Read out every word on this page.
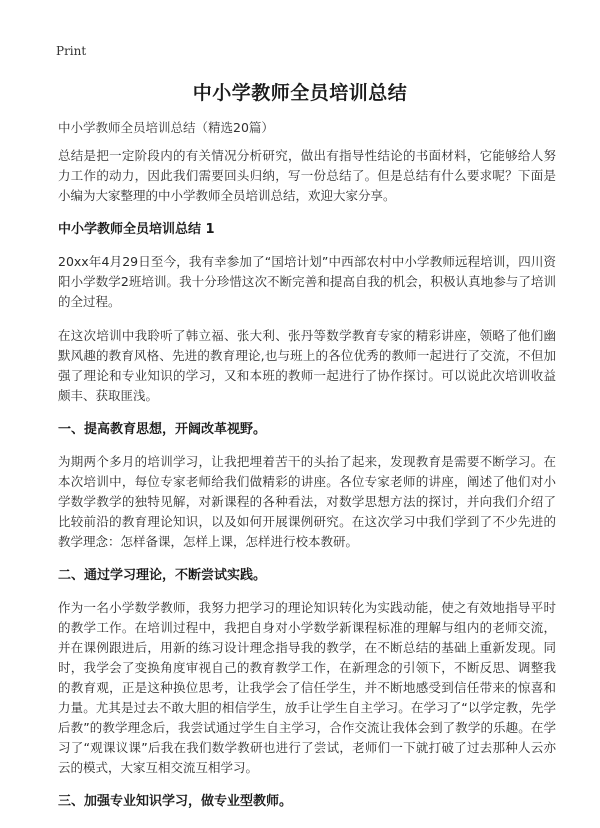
Print
中小学教师全员培训总结
中小学教师全员培训总结（精选20篇）

总结是把一定阶段内的有关情况分析研究，做出有指导性结论的书面材料，它能够给人努力工作的动力，因此我们需要回头归纳，写一份总结了。但是总结有什么要求呢？下面是小编为大家整理的中小学教师全员培训总结，欢迎大家分享。

中小学教师全员培训总结 1

20xx年4月29日至今，我有幸参加了“国培计划”中西部农村中小学教师远程培训，四川资阳小学数学2班培训。我十分珍惜这次不断完善和提高自我的机会，积极认真地参与了培训的全过程。

在这次培训中我聆听了韩立福、张大利、张丹等数学教育专家的精彩讲座，领略了他们幽默风趣的教育风格、先进的教育理论,也与班上的各位优秀的教师一起进行了交流，不但加强了理论和专业知识的学习，又和本班的教师一起进行了协作探讨。可以说此次培训收益颇丰、获取匪浅。

一、提高教育思想，开阔改革视野。

为期两个多月的培训学习，让我把埋着苦干的头抬了起来，发现教育是需要不断学习。在本次培训中，每位专家老师给我们做精彩的讲座。各位专家老师的讲座，阐述了他们对小学数学教学的独特见解，对新课程的各种看法，对数学思想方法的探讨，并向我们介绍了比较前沿的教育理论知识，以及如何开展课例研究。在这次学习中我们学到了不少先进的教学理念：怎样备课，怎样上课，怎样进行校本教研。

二、通过学习理论，不断尝试实践。

作为一名小学数学教师，我努力把学习的理论知识转化为实践动能，使之有效地指导平时的教学工作。在培训过程中，我把自身对小学数学新课程标准的理解与组内的老师交流，并在课例跟进后，用新的练习设计理念指导我的教学，在不断总结的基础上重新发现。同时，我学会了变换角度审视自己的教育教学工作，在新理念的引领下，不断反思、调整我的教育观，正是这种换位思考，让我学会了信任学生，并不断地感受到信任带来的惊喜和力量。尤其是过去不敢大胆的相信学生，放手让学生自主学习。在学习了“以学定教，先学后教”的教学理念后，我尝试通过学生自主学习，合作交流让我体会到了教学的乐趣。在学习了“观课议课”后我在我们数学教研也进行了尝试，老师们一下就打破了过去那种人云亦云的模式，大家互相交流互相学习。

三、加强专业知识学习，做专业型教师。
